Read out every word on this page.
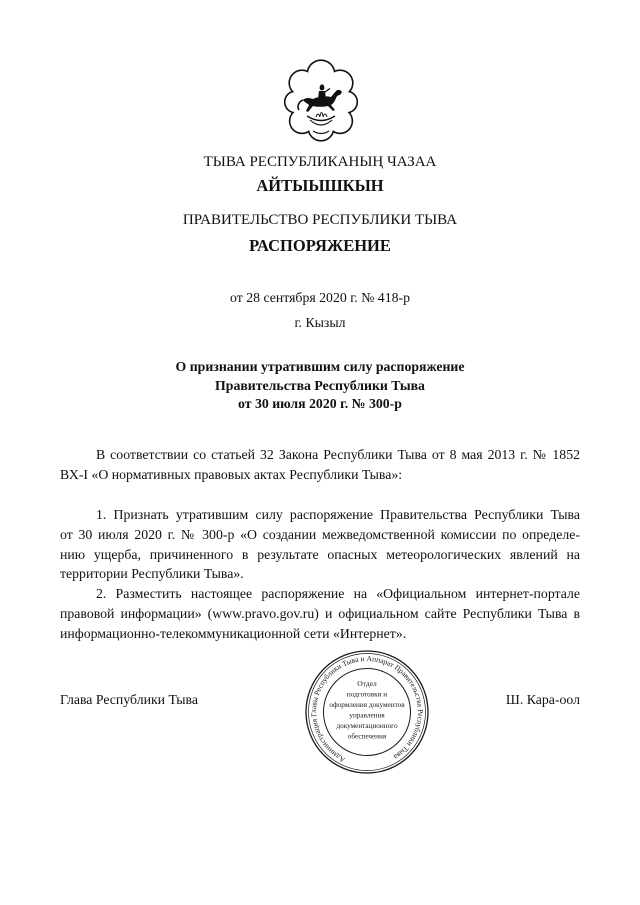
ТЫВА РЕСПУБЛИКАНЫҢ ЧАЗАА
АЙТЫЫШКЫН
ПРАВИТЕЛЬСТВО РЕСПУБЛИКИ ТЫВА
РАСПОРЯЖЕНИЕ
от 28 сентября 2020 г. № 418-р
г. Кызыл
О признании утратившим силу распоряжение
Правительства Республики Тыва
от 30 июля 2020 г. № 300-р
В соответствии со статьей 32 Закона Республики Тыва от 8 мая 2013 г. № 1852
ВХ-I «О нормативных правовых актах Республики Тыва»:
1. Признать утратившим силу распоряжение Правительства Республики Тыва
от 30 июля 2020 г. № 300-р «О создании межведомственной комиссии по определе-
нию ущерба, причиненного в результате опасных метеорологических явлений на
территории Республики Тыва».
2. Разместить настоящее распоряжение на «Официальном интернет-портале
правовой информации» (www.pravo.gov.ru) и официальном сайте Республики Тыва в
информационно-телекоммуникационной сети «Интернет».
Глава Республики Тыва	Ш. Кара-оол
Администрация Главы Республики Тыва и Аппарат Правительства Республики Тыва
Отдел
подготовки и
оформления документов
управления
документационного
обеспечения
